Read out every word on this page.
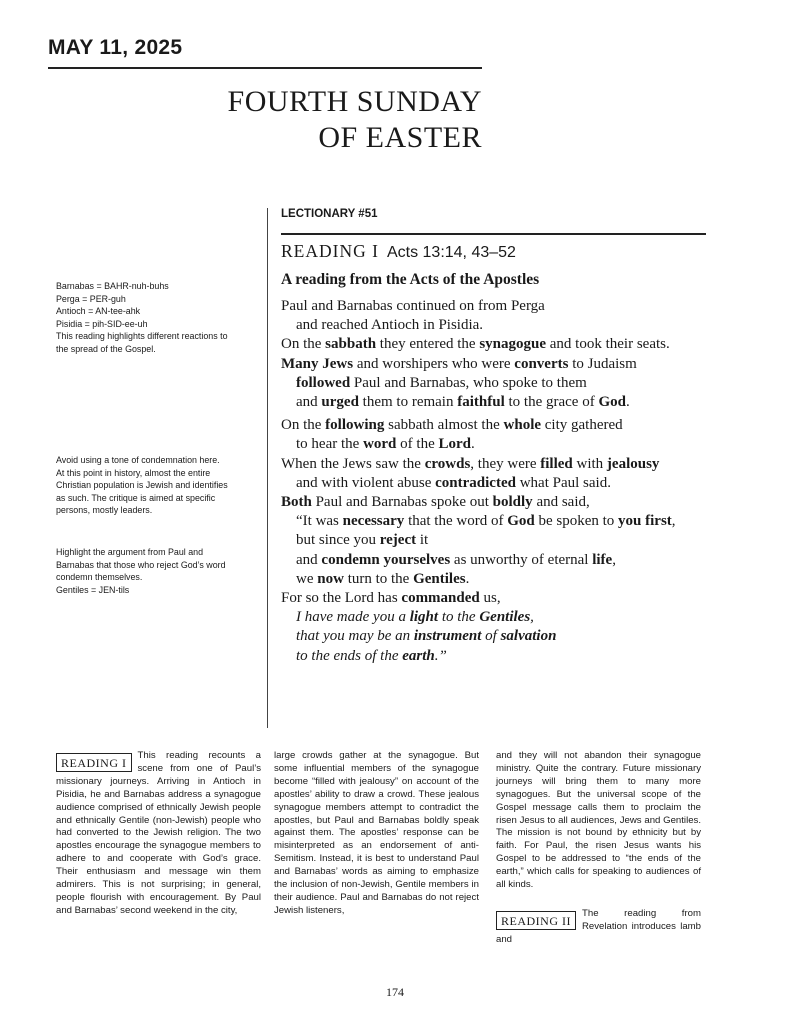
MAY 11, 2025
FOURTH SUNDAY
OF EASTER
LECTIONARY #51
READING I Acts 13:14, 43–52
A reading from the Acts of the Apostles
Paul and Barnabas continued on from Perga
and reached Antioch in Pisidia.
On the sabbath they entered the synagogue and took their seats.
Many Jews and worshipers who were converts to Judaism
followed Paul and Barnabas, who spoke to them
and urged them to remain faithful to the grace of God.
On the following sabbath almost the whole city gathered
to hear the word of the Lord.
When the Jews saw the crowds, they were filled with jealousy
and with violent abuse contradicted what Paul said.
Both Paul and Barnabas spoke out boldly and said,
“It was necessary that the word of God be spoken to you first,
but since you reject it
and condemn yourselves as unworthy of eternal life,
we now turn to the Gentiles.
For so the Lord has commanded us,
I have made you a light to the Gentiles,
that you may be an instrument of salvation
to the ends of the earth.”
Barnabas = BAHR-nuh-buhs
Perga = PER-guh
Antioch = AN-tee-ahk
Pisidia = pih-SID-ee-uh
This reading highlights different reactions to
the spread of the Gospel.
Avoid using a tone of condemnation here.
At this point in history, almost the entire
Christian population is Jewish and identifies
as such. The critique is aimed at specific
persons, mostly leaders.
Highlight the argument from Paul and
Barnabas that those who reject God’s word
condemn themselves.
Gentiles = JEN-tils
READING I
This reading recounts a scene from one of Paul’s missionary journeys. Arriving in Antioch in Pisidia, he and Barnabas address a synagogue audience comprised of ethnically Jewish people and ethnically Gentile (non-Jewish) people who had converted to the Jewish religion. The two apostles encourage the synagogue members to adhere to and cooperate with God’s grace. Their enthusiasm and message win them admirers. This is not surprising; in general, people flourish with encouragement. By Paul and Barnabas’ second weekend in the city,
large crowds gather at the synagogue. But some influential members of the synagogue become “filled with jealousy” on account of the apostles’ ability to draw a crowd. These jealous synagogue members attempt to contradict the apostles, but Paul and Barnabas boldly speak against them. The apostles’ response can be misinterpreted as an endorsement of anti-Semitism. Instead, it is best to understand Paul and Barnabas’ words as aiming to emphasize the inclusion of non-Jewish, Gentile members in their audience. Paul and Barnabas do not reject Jewish listeners,
and they will not abandon their synagogue ministry. Quite the contrary. Future missionary journeys will bring them to many more synagogues. But the universal scope of the Gospel message calls them to proclaim the risen Jesus to all audiences, Jews and Gentiles. The mission is not bound by ethnicity but by faith. For Paul, the risen Jesus wants his Gospel to be addressed to “the ends of the earth,” which calls for speaking to audiences of all kinds.
READING II
The reading from Revelation introduces lamb and
174
